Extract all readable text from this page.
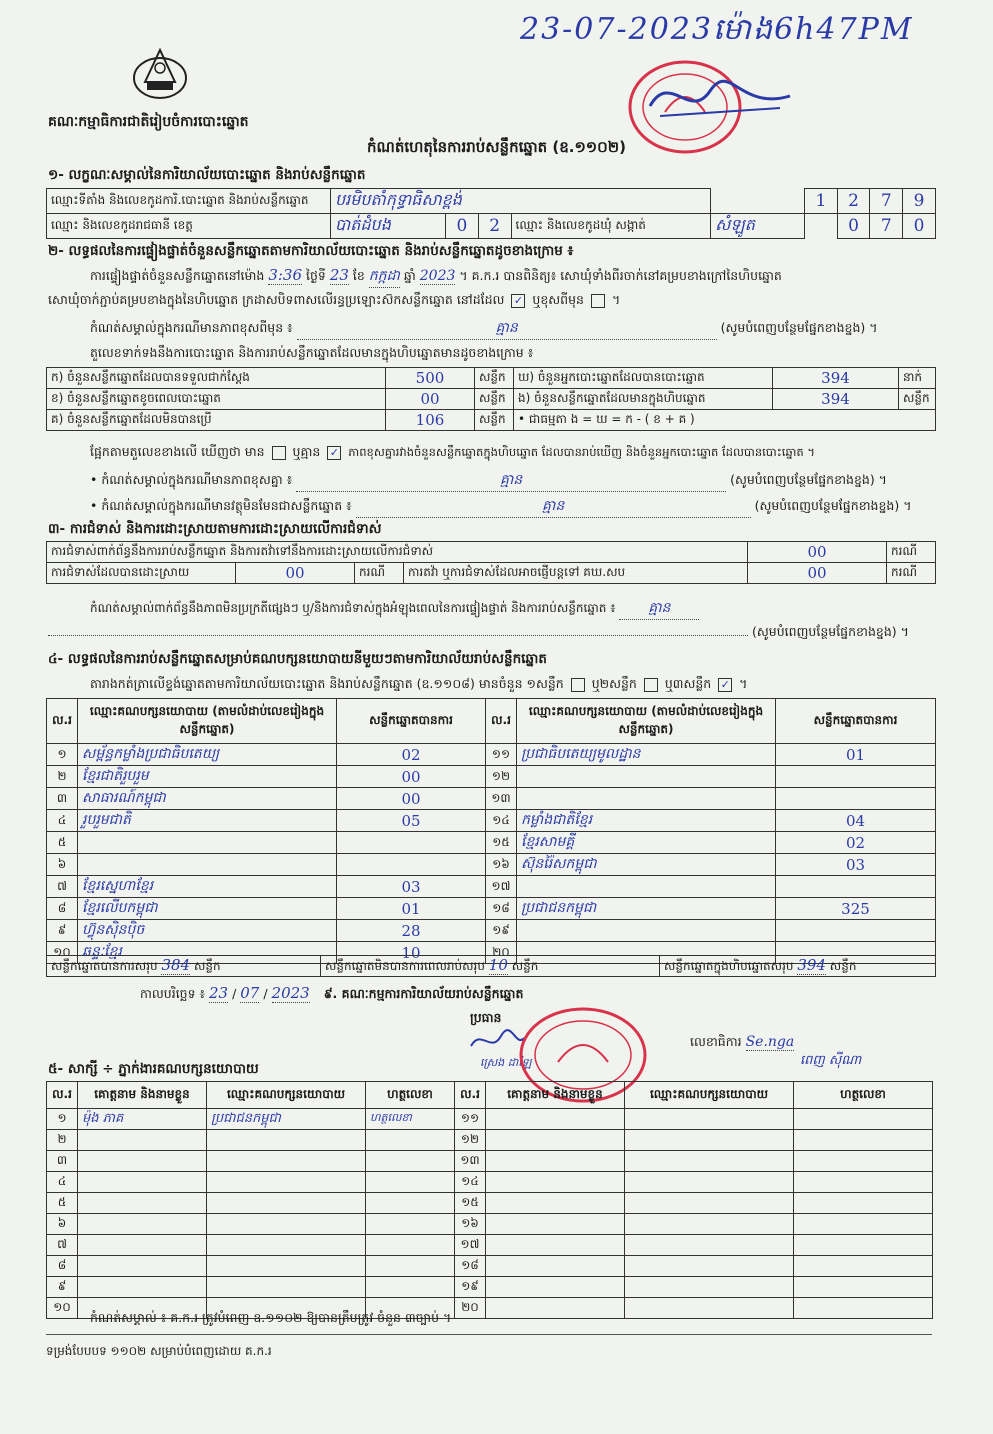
23-07-2023ម៉ោង6h47PM
គណៈកម្មាធិការជាតិរៀបចំការបោះឆ្នោត
កំណត់ហេតុនៃការរាប់សន្លឹកឆ្នោត (ឧ.១១០២)
១- លក្ខណៈសម្គាល់នៃការិយាល័យបោះឆ្នោត និងរាប់សន្លឹកឆ្នោត
ឈ្មោះទីតាំង និងលេខកូដការិ.បោះឆ្នោត និងរាប់សន្លឹកឆ្នោត	បរមិបតាំកុទ្ធាធិសាខ្ពង់					1	2	7	9
ឈ្មោះ និងលេខកូដរាជធានី ខេត្ត	បាត់ដំបង	0	2	ឈ្មោះ និងលេខកូដឃុំ សង្កាត់	សំឡូត		0	7	0
២- លទ្ធផលនៃការផ្ទៀងផ្ទាត់ចំនួនសន្លឹកឆ្នោតតាមការិយាល័យបោះឆ្នោត និងរាប់សន្លឹកឆ្នោតដូចខាងក្រោម ៖
ការផ្ទៀងផ្ទាត់ចំនួនសន្លឹកឆ្នោតនៅម៉ោង 3:36 ថ្ងៃទី 23 ខែ កក្កដា ឆ្នាំ 2023 ។ គ.ក.រ បានពិនិត្យ៖ សោឃុំទាំងពីរចាក់នៅគម្របខាងក្រៅនៃហិបឆ្នោត
សោឃុំចាក់ភ្ជាប់គម្របខាងក្នុងនៃហិបឆ្នោត ក្រដាសបិទពាសលើរន្ធប្រឡោះស៊កសន្លឹកឆ្នោត នៅដដែល ✓ ឬខុសពីមុន  ។
កំណត់សម្គាល់ក្នុងករណីមានភាពខុសពីមុន ៖	គ្មាន	(សូមបំពេញបន្ថែមផ្នែកខាងខ្នង) ។
តួលេខទាក់ទងនឹងការបោះឆ្នោត និងការរាប់សន្លឹកឆ្នោតដែលមានក្នុងហិបឆ្នោតមានដូចខាងក្រោម ៖
ក) ចំនួនសន្លឹកឆ្នោតដែលបានទទួលជាក់ស្តែង	500	សន្លឹក	ឃ) ចំនួនអ្នកបោះឆ្នោតដែលបានបោះឆ្នោត	394	នាក់
ខ) ចំនួនសន្លឹកឆ្នោតខូចពេលបោះឆ្នោត	00	សន្លឹក	ង) ចំនួនសន្លឹកឆ្នោតដែលមានក្នុងហិបឆ្នោត	394	សន្លឹក
គ) ចំនួនសន្លឹកឆ្នោតដែលមិនបានប្រើ	106	សន្លឹក	• ជាធម្មតា ង = ឃ = ក - ( ខ + គ )		
ផ្អែកតាមតួលេខខាងលើ ឃើញថា មាន ឬគ្មាន ✓ ភាពខុសគ្នារវាងចំនួនសន្លឹកឆ្នោតក្នុងហិបឆ្នោត ដែលបានរាប់ឃើញ និងចំនួនអ្នកបោះឆ្នោត ដែលបានបោះឆ្នោត ។
• កំណត់សម្គាល់ក្នុងករណីមានភាពខុសគ្នា ៖	គ្មាន	(សូមបំពេញបន្ថែមផ្នែកខាងខ្នង) ។
• កំណត់សម្គាល់ក្នុងករណីមានវត្ថុមិនមែនជាសន្លឹកឆ្នោត ៖	គ្មាន	(សូមបំពេញបន្ថែមផ្នែកខាងខ្នង) ។
៣- ការជំទាស់ និងការដោះស្រាយតាមការដោះស្រាយលើការជំទាស់
ការជំទាស់ពាក់ព័ន្ធនឹងការរាប់សន្លឹកឆ្នោត និងការតវ៉ាទៅនឹងការដោះស្រាយលើការជំទាស់				00	ករណី
ការជំទាស់ដែលបានដោះស្រាយ	00	ករណី	ការតវ៉ា ឬការជំទាស់ដែលអាចផ្ញើបន្តទៅ គឃ.សប	00	ករណី
កំណត់សម្គាល់ពាក់ព័ន្ធនឹងភាពមិនប្រក្រតីផ្សេងៗ ឬ/និងការជំទាស់ក្នុងអំឡុងពេលនៃការផ្ទៀងផ្ទាត់ និងការរាប់សន្លឹកឆ្នោត ៖ គ្មាន
(សូមបំពេញបន្ថែមផ្នែកខាងខ្នង) ។
៤- លទ្ធផលនៃការរាប់សន្លឹកឆ្នោតសម្រាប់គណបក្សនយោបាយនីមួយៗតាមការិយាល័យរាប់សន្លឹកឆ្នោត
តារាងកត់ត្រាលើខ្ទង់ឆ្នោតតាមការិយាល័យបោះឆ្នោត និងរាប់សន្លឹកឆ្នោត (ឧ.១១០៨) មានចំនួន ១សន្លឹក ឬ២សន្លឹក ឬ៣សន្លឹក ✓ ។
ល.រ	ឈ្មោះគណបក្សនយោបាយ (តាមលំដាប់លេខរៀងក្នុងសន្លឹកឆ្នោត)	សន្លឹកឆ្នោតបានការ	ល.រ	ឈ្មោះគណបក្សនយោបាយ (តាមលំដាប់លេខរៀងក្នុងសន្លឹកឆ្នោត)	សន្លឹកឆ្នោតបានការ
១	សម្ព័ន្ធកម្លាំងប្រជាធិបតេយ្យ	02	១១	ប្រជាធិបតេយ្យមូលដ្ឋាន	01
២	ខ្មែរជាតិរួបរួម	00	១២		
៣	សាធារណ៍កម្ពុជា	00	១៣		
៤	រួបរួមជាតិ	05	១៤	កម្លាំងជាតិខ្មែរ	04
៥			១៥	ខ្មែរសាមគ្គី	02
៦			១៦	ស៊ុនរ៉ៃសកម្ពុជា	03
៧	ខ្មែរស្នេហាខ្មែរ	03	១៧		
៨	ខ្មែរលើបកម្ពុជា	01	១៨	ប្រជាជនកម្ពុជា	325
៩	ហ៊្វុនស៊ិនប៉ិច	28	១៩		
១០	ឆន្ទៈខ្មែរ	10	២០		
សន្លឹកឆ្នោតបានការសរុប 384 សន្លឹក	សន្លឹកឆ្នោតមិនបានការពេលរាប់សរុប 10 សន្លឹក	សន្លឹកឆ្នោតក្នុងហិបឆ្នោតសរុប 394 សន្លឹក
កាលបរិច្ឆេទ ៖ 23 / 07 / 2023 ៩. គណៈកម្មការការិយាល័យរាប់សន្លឹកឆ្នោត
ប្រធាន
ស្រេង ដាឡែ
លេខាធិការ Se.nga
ពេញ ស៊ីណា
៥- សាក្សី ÷ ភ្នាក់ងារគណបក្សនយោបាយ
ល.រ	គោត្តនាម និងនាមខ្លួន	ឈ្មោះគណបក្សនយោបាយ	ហត្ថលេខា	ល.រ	គោត្តនាម និងនាមខ្លួន	ឈ្មោះគណបក្សនយោបាយ	ហត្ថលេខា
១	ម៉ុង ភាគ	ប្រជាជនកម្ពុជា	ហត្ថលេខា	១១			
២				១២			
៣				១៣			
៤				១៤			
៥				១៥			
៦				១៦			
៧				១៧			
៨				១៨			
៩				១៩			
១០				២០			
កំណត់សម្គាល់ ៖ គ.ក.រ ត្រូវបំពេញ ឧ.១១០២ ឱ្យបានត្រឹមត្រូវ ចំនួន ៣ច្បាប់ ។
ទម្រង់បែបបទ ១១០២ សម្រាប់បំពេញដោយ គ.ក.រ
